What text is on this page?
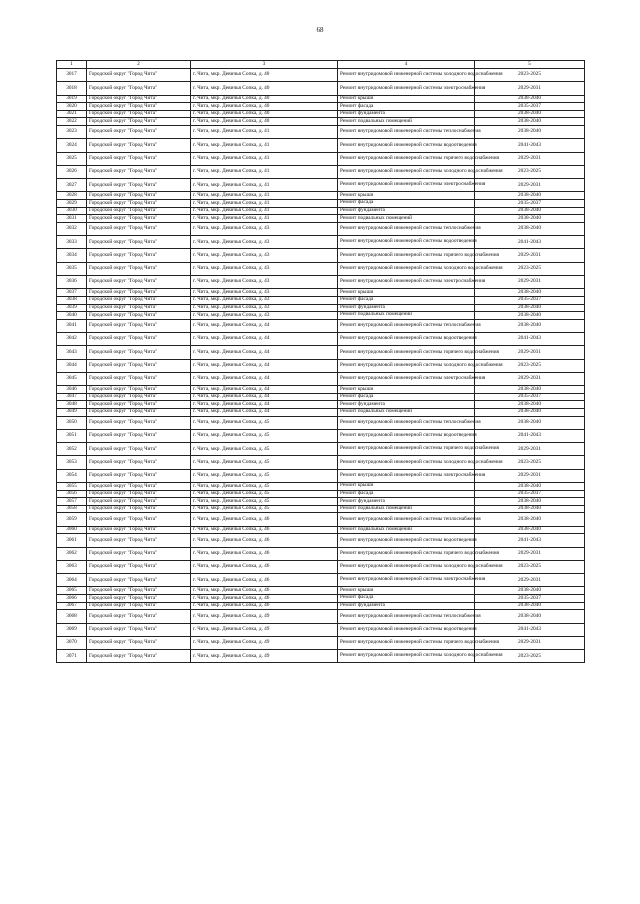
68
1	2	3	4	5
3017	Городской округ "Город Чита"	г. Чита, мкр. Девичья Сопка, д. 40	Ремонт внутридомовой инженерной системы холодного водоснабжения	2023-2025
3018	Городской округ "Город Чита"	г. Чита, мкр. Девичья Сопка, д. 40	Ремонт внутридомовой инженерной системы электроснабжения	2029-2031
3019	Городской округ "Город Чита"	г. Чита, мкр. Девичья Сопка, д. 40	Ремонт крыши	2038-2040
3020	Городской округ "Город Чита"	г. Чита, мкр. Девичья Сопка, д. 40	Ремонт фасада	2035-2037
3021	Городской округ "Город Чита"	г. Чита, мкр. Девичья Сопка, д. 40	Ремонт фундамента	2038-2040
3022	Городской округ "Город Чита"	г. Чита, мкр. Девичья Сопка, д. 40	Ремонт подвальных помещений	2038-2040
3023	Городской округ "Город Чита"	г. Чита, мкр. Девичья Сопка, д. 41	Ремонт внутридомовой инженерной системы теплоснабжения	2038-2040
3024	Городской округ "Город Чита"	г. Чита, мкр. Девичья Сопка, д. 41	Ремонт внутридомовой инженерной системы водоотведения	2041-2043
3025	Городской округ "Город Чита"	г. Чита, мкр. Девичья Сопка, д. 41	Ремонт внутридомовой инженерной системы горячего водоснабжения	2029-2031
3026	Городской округ "Город Чита"	г. Чита, мкр. Девичья Сопка, д. 41	Ремонт внутридомовой инженерной системы холодного водоснабжения	2023-2025
3027	Городской округ "Город Чита"	г. Чита, мкр. Девичья Сопка, д. 41	Ремонт внутридомовой инженерной системы электроснабжения	2029-2031
3028	Городской округ "Город Чита"	г. Чита, мкр. Девичья Сопка, д. 41	Ремонт крыши	2038-2040
3029	Городской округ "Город Чита"	г. Чита, мкр. Девичья Сопка, д. 41	Ремонт фасада	2035-2037
3030	Городской округ "Город Чита"	г. Чита, мкр. Девичья Сопка, д. 41	Ремонт фундамента	2038-2040
3031	Городской округ "Город Чита"	г. Чита, мкр. Девичья Сопка, д. 41	Ремонт подвальных помещений	2038-2040
3032	Городской округ "Город Чита"	г. Чита, мкр. Девичья Сопка, д. 43	Ремонт внутридомовой инженерной системы теплоснабжения	2038-2040
3033	Городской округ "Город Чита"	г. Чита, мкр. Девичья Сопка, д. 43	Ремонт внутридомовой инженерной системы водоотведения	2041-2043
3034	Городской округ "Город Чита"	г. Чита, мкр. Девичья Сопка, д. 43	Ремонт внутридомовой инженерной системы горячего водоснабжения	2029-2031
3035	Городской округ "Город Чита"	г. Чита, мкр. Девичья Сопка, д. 43	Ремонт внутридомовой инженерной системы холодного водоснабжения	2023-2025
3036	Городской округ "Город Чита"	г. Чита, мкр. Девичья Сопка, д. 43	Ремонт внутридомовой инженерной системы электроснабжения	2029-2031
3037	Городской округ "Город Чита"	г. Чита, мкр. Девичья Сопка, д. 43	Ремонт крыши	2038-2040
3038	Городской округ "Город Чита"	г. Чита, мкр. Девичья Сопка, д. 43	Ремонт фасада	2035-2037
3039	Городской округ "Город Чита"	г. Чита, мкр. Девичья Сопка, д. 43	Ремонт фундамента	2038-2040
3040	Городской округ "Город Чита"	г. Чита, мкр. Девичья Сопка, д. 43	Ремонт подвальных помещений	2038-2040
3041	Городской округ "Город Чита"	г. Чита, мкр. Девичья Сопка, д. 44	Ремонт внутридомовой инженерной системы теплоснабжения	2038-2040
3042	Городской округ "Город Чита"	г. Чита, мкр. Девичья Сопка, д. 44	Ремонт внутридомовой инженерной системы водоотведения	2041-2043
3043	Городской округ "Город Чита"	г. Чита, мкр. Девичья Сопка, д. 44	Ремонт внутридомовой инженерной системы горячего водоснабжения	2029-2031
3044	Городской округ "Город Чита"	г. Чита, мкр. Девичья Сопка, д. 44	Ремонт внутридомовой инженерной системы холодного водоснабжения	2023-2025
3045	Городской округ "Город Чита"	г. Чита, мкр. Девичья Сопка, д. 44	Ремонт внутридомовой инженерной системы электроснабжения	2029-2031
3046	Городской округ "Город Чита"	г. Чита, мкр. Девичья Сопка, д. 44	Ремонт крыши	2038-2040
3047	Городской округ "Город Чита"	г. Чита, мкр. Девичья Сопка, д. 44	Ремонт фасада	2035-2037
3048	Городской округ "Город Чита"	г. Чита, мкр. Девичья Сопка, д. 44	Ремонт фундамента	2038-2040
3049	Городской округ "Город Чита"	г. Чита, мкр. Девичья Сопка, д. 44	Ремонт подвальных помещений	2038-2040
3050	Городской округ "Город Чита"	г. Чита, мкр. Девичья Сопка, д. 45	Ремонт внутридомовой инженерной системы теплоснабжения	2038-2040
3051	Городской округ "Город Чита"	г. Чита, мкр. Девичья Сопка, д. 45	Ремонт внутридомовой инженерной системы водоотведения	2041-2043
3052	Городской округ "Город Чита"	г. Чита, мкр. Девичья Сопка, д. 45	Ремонт внутридомовой инженерной системы горячего водоснабжения	2029-2031
3053	Городской округ "Город Чита"	г. Чита, мкр. Девичья Сопка, д. 45	Ремонт внутридомовой инженерной системы холодного водоснабжения	2023-2025
3054	Городской округ "Город Чита"	г. Чита, мкр. Девичья Сопка, д. 45	Ремонт внутридомовой инженерной системы электроснабжения	2029-2031
3055	Городской округ "Город Чита"	г. Чита, мкр. Девичья Сопка, д. 45	Ремонт крыши	2038-2040
3056	Городской округ "Город Чита"	г. Чита, мкр. Девичья Сопка, д. 45	Ремонт фасада	2035-2037
3057	Городской округ "Город Чита"	г. Чита, мкр. Девичья Сопка, д. 45	Ремонт фундамента	2038-2040
3058	Городской округ "Город Чита"	г. Чита, мкр. Девичья Сопка, д. 45	Ремонт подвальных помещений	2038-2040
3059	Городской округ "Город Чита"	г. Чита, мкр. Девичья Сопка, д. 46	Ремонт внутридомовой инженерной системы теплоснабжения	2038-2040
3060	Городской округ "Город Чита"	г. Чита, мкр. Девичья Сопка, д. 46	Ремонт подвальных помещений	2038-2040
3061	Городской округ "Город Чита"	г. Чита, мкр. Девичья Сопка, д. 46	Ремонт внутридомовой инженерной системы водоотведения	2041-2043
3062	Городской округ "Город Чита"	г. Чита, мкр. Девичья Сопка, д. 46	Ремонт внутридомовой инженерной системы горячего водоснабжения	2029-2031
3063	Городской округ "Город Чита"	г. Чита, мкр. Девичья Сопка, д. 46	Ремонт внутридомовой инженерной системы холодного водоснабжения	2023-2025
3064	Городской округ "Город Чита"	г. Чита, мкр. Девичья Сопка, д. 46	Ремонт внутридомовой инженерной системы электроснабжения	2029-2031
3065	Городской округ "Город Чита"	г. Чита, мкр. Девичья Сопка, д. 46	Ремонт крыши	2038-2040
3066	Городской округ "Город Чита"	г. Чита, мкр. Девичья Сопка, д. 46	Ремонт фасада	2035-2037
3067	Городской округ "Город Чита"	г. Чита, мкр. Девичья Сопка, д. 46	Ремонт фундамента	2038-2040
3068	Городской округ "Город Чита"	г. Чита, мкр. Девичья Сопка, д. 49	Ремонт внутридомовой инженерной системы теплоснабжения	2038-2040
3069	Городской округ "Город Чита"	г. Чита, мкр. Девичья Сопка, д. 49	Ремонт внутридомовой инженерной системы водоотведения	2041-2043
3070	Городской округ "Город Чита"	г. Чита, мкр. Девичья Сопка, д. 49	Ремонт внутридомовой инженерной системы горячего водоснабжения	2029-2031
3071	Городской округ "Город Чита"	г. Чита, мкр. Девичья Сопка, д. 49	Ремонт внутридомовой инженерной системы холодного водоснабжения	2023-2025
